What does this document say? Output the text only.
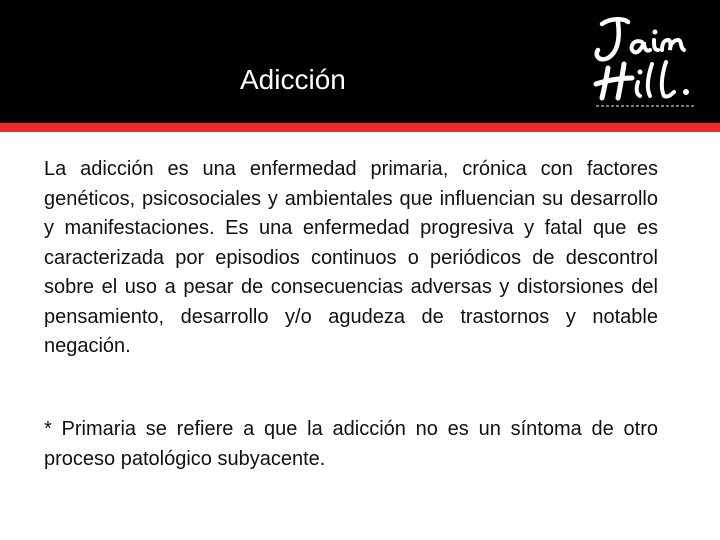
Adicción

La adicción es una enfermedad primaria, crónica con factores genéticos, psicosociales y ambientales que influencian su desarrollo y manifestaciones. Es una enfermedad progresiva y fatal que es caracterizada por episodios continuos o periódicos de descontrol sobre el uso a pesar de consecuencias adversas y distorsiones del pensamiento, desarrollo y/o agudeza de trastornos y notable negación.

* Primaria se refiere a que la adicción no es un síntoma de otro proceso patológico subyacente.
